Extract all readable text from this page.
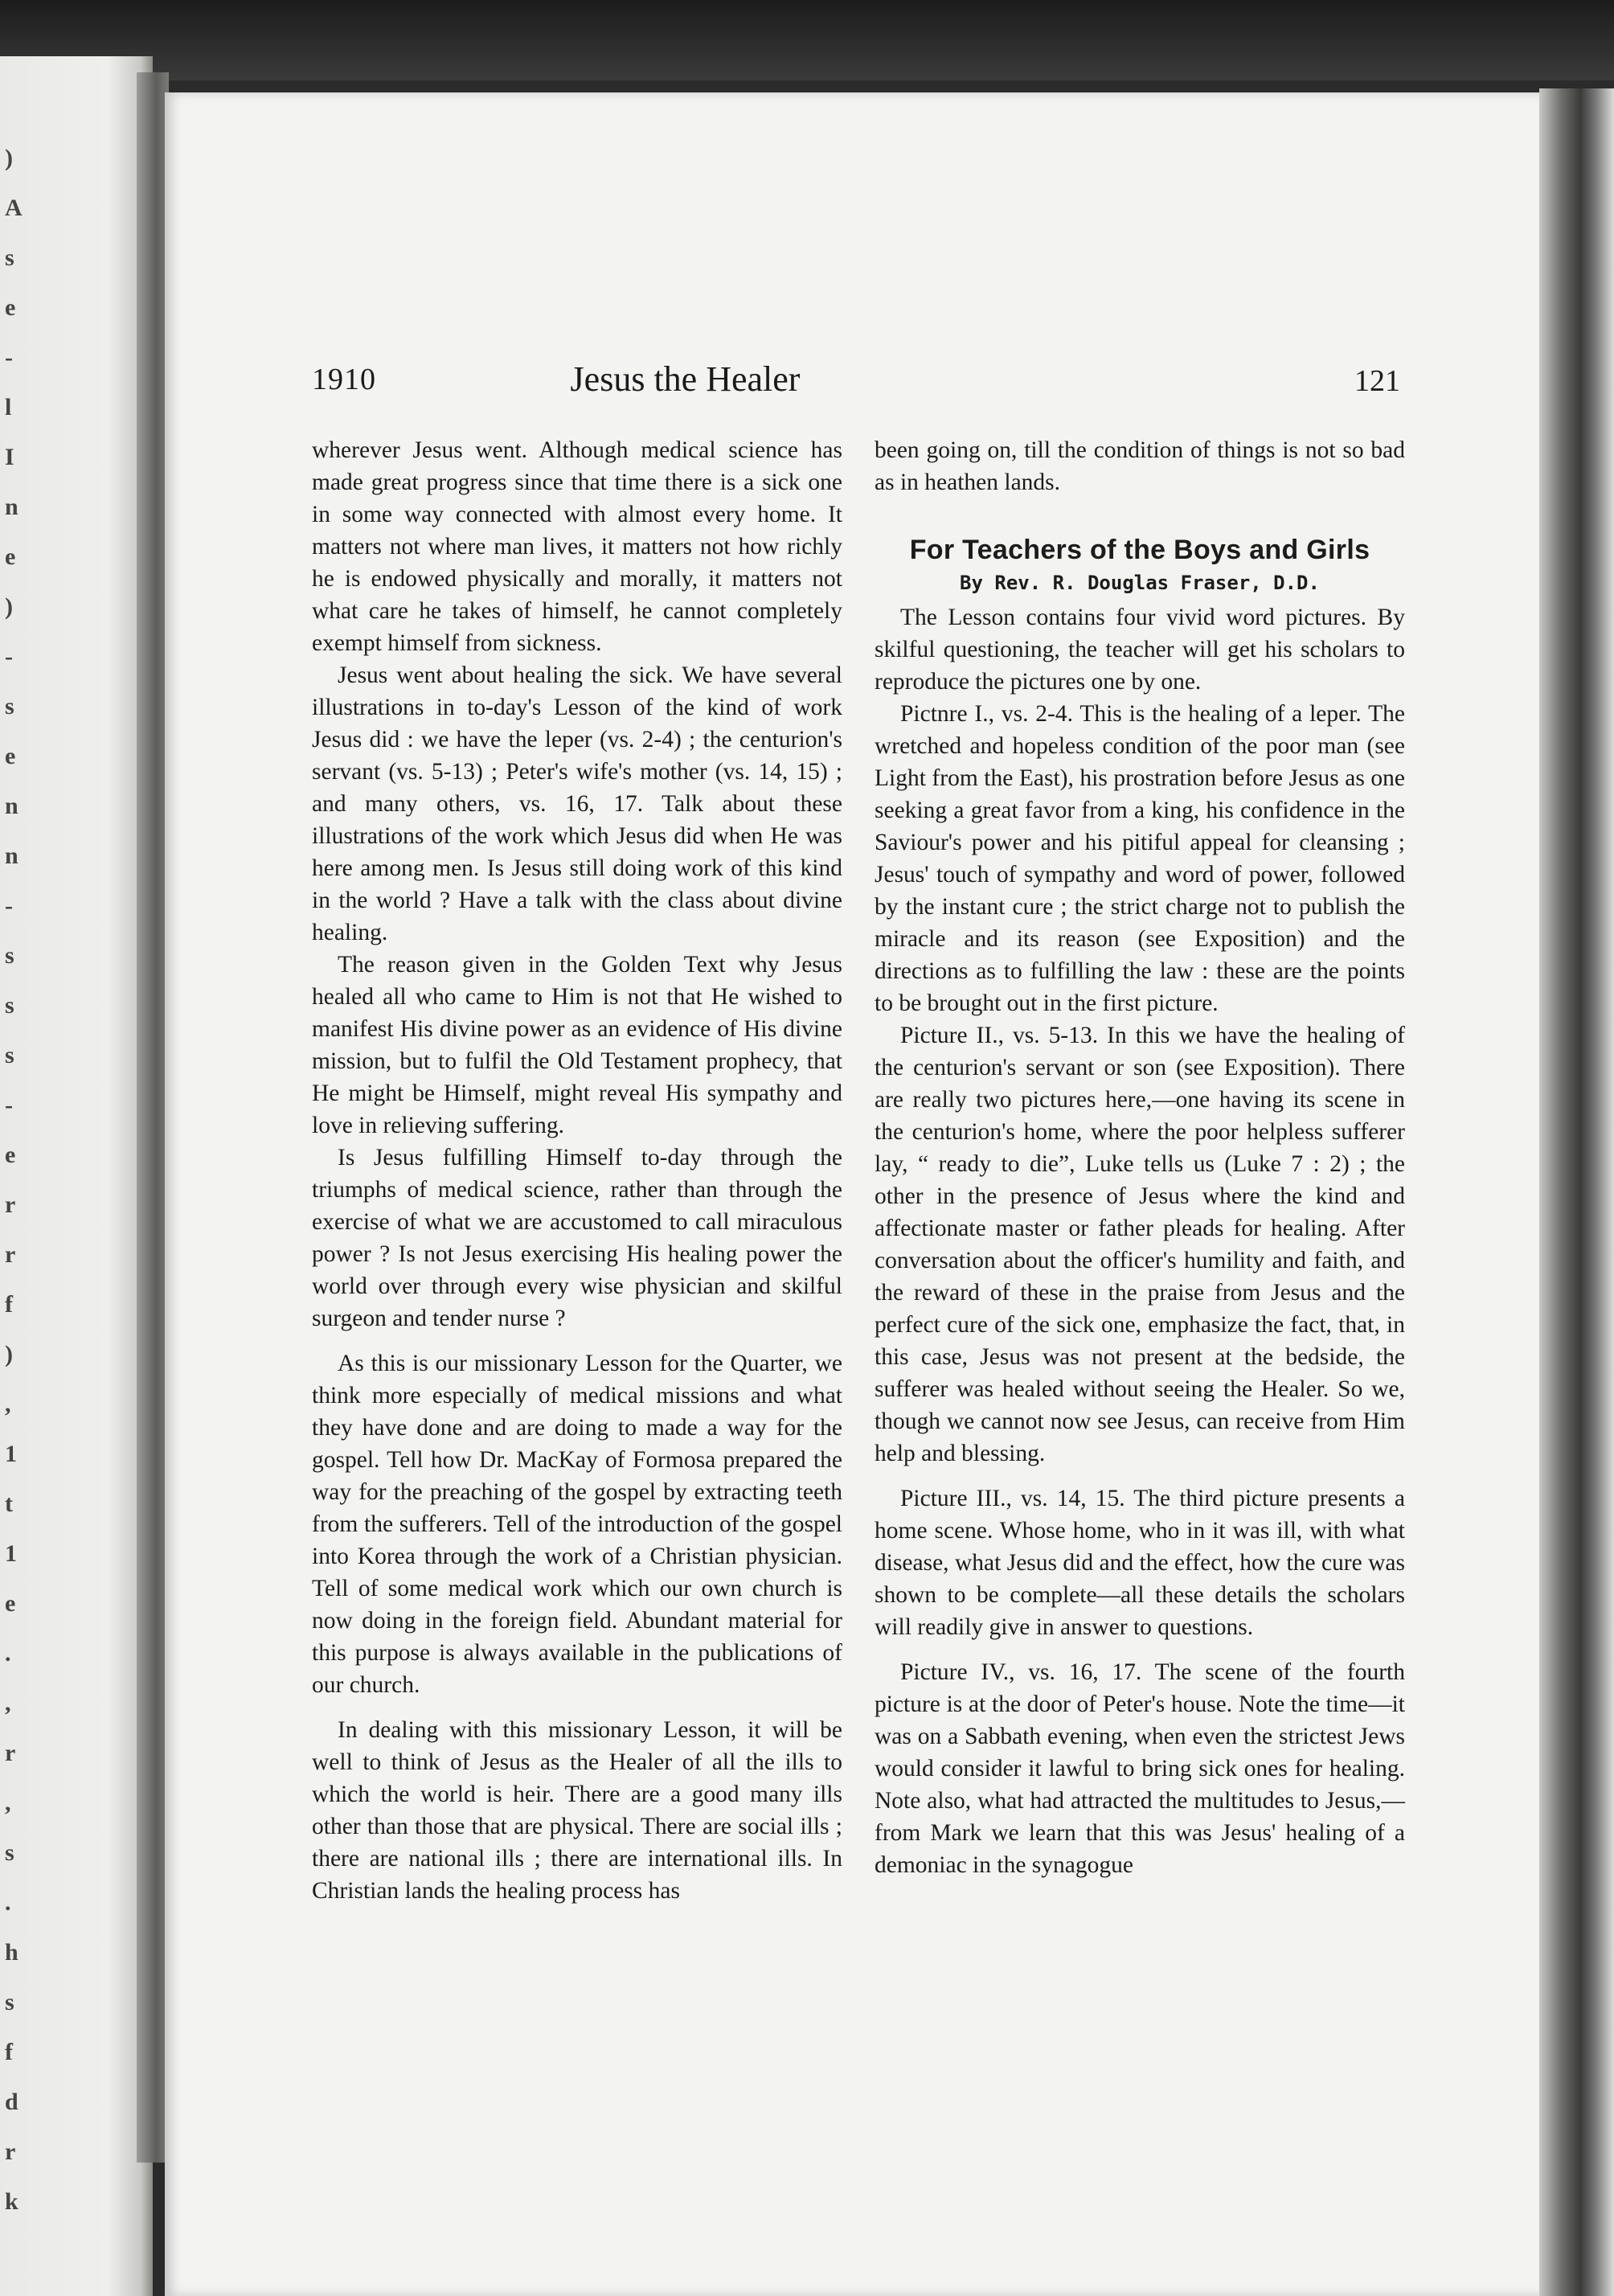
)
A
s
e
-
l
I
n
e
)
-
s
e
n
n
-
s
s
s
-
e
r
r
f
)
,
1
t
1
e
.
,
r
,
s
.
h
s
f
d
r
k
1910	Jesus the Healer	121

wherever Jesus went. Although medical science has made great progress since that time there is a sick one in some way connected with almost every home. It matters not where man lives, it matters not how richly he is endowed physically and morally, it matters not what care he takes of himself, he cannot completely exempt himself from sickness.

Jesus went about healing the sick. We have several illustrations in to-day's Lesson of the kind of work Jesus did : we have the leper (vs. 2-4) ; the centurion's servant (vs. 5-13) ; Peter's wife's mother (vs. 14, 15) ; and many others, vs. 16, 17. Talk about these illustrations of the work which Jesus did when He was here among men. Is Jesus still doing work of this kind in the world ? Have a talk with the class about divine healing.

The reason given in the Golden Text why Jesus healed all who came to Him is not that He wished to manifest His divine power as an evidence of His divine mission, but to fulfil the Old Testament prophecy, that He might be Himself, might reveal His sympathy and love in relieving suffering.

Is Jesus fulfilling Himself to-day through the triumphs of medical science, rather than through the exercise of what we are accustomed to call miraculous power ? Is not Jesus exercising His healing power the world over through every wise physician and skilful surgeon and tender nurse ?

As this is our missionary Lesson for the Quarter, we think more especially of medical missions and what they have done and are doing to made a way for the gospel. Tell how Dr. MacKay of Formosa prepared the way for the preaching of the gospel by extracting teeth from the sufferers. Tell of the introduction of the gospel into Korea through the work of a Christian physician. Tell of some medical work which our own church is now doing in the foreign field. Abundant material for this purpose is always available in the publications of our church.

In dealing with this missionary Lesson, it will be well to think of Jesus as the Healer of all the ills to which the world is heir. There are a good many ills other than those that are physical. There are social ills ; there are national ills ; there are international ills. In Christian lands the healing process has

been going on, till the condition of things is not so bad as in heathen lands.

For Teachers of the Boys and Girls
By Rev. R. Douglas Fraser, D.D.

The Lesson contains four vivid word pictures. By skilful questioning, the teacher will get his scholars to reproduce the pictures one by one.

Pictnre I., vs. 2-4. This is the healing of a leper. The wretched and hopeless condition of the poor man (see Light from the East), his prostration before Jesus as one seeking a great favor from a king, his confidence in the Saviour's power and his pitiful appeal for cleansing ; Jesus' touch of sympathy and word of power, followed by the instant cure ; the strict charge not to publish the miracle and its reason (see Exposition) and the directions as to fulfilling the law : these are the points to be brought out in the first picture.

Picture II., vs. 5-13. In this we have the healing of the centurion's servant or son (see Exposition). There are really two pictures here,—one having its scene in the centurion's home, where the poor helpless sufferer lay, “ ready to die”, Luke tells us (Luke 7 : 2) ; the other in the presence of Jesus where the kind and affectionate master or father pleads for healing. After conversation about the officer's humility and faith, and the reward of these in the praise from Jesus and the perfect cure of the sick one, emphasize the fact, that, in this case, Jesus was not present at the bedside, the sufferer was healed without seeing the Healer. So we, though we cannot now see Jesus, can receive from Him help and blessing.

Picture III., vs. 14, 15. The third picture presents a home scene. Whose home, who in it was ill, with what disease, what Jesus did and the effect, how the cure was shown to be complete—all these details the scholars will readily give in answer to questions.

Picture IV., vs. 16, 17. The scene of the fourth picture is at the door of Peter's house. Note the time—it was on a Sabbath evening, when even the strictest Jews would consider it lawful to bring sick ones for healing. Note also, what had attracted the multitudes to Jesus,—from Mark we learn that this was Jesus' healing of a demoniac in the synagogue
